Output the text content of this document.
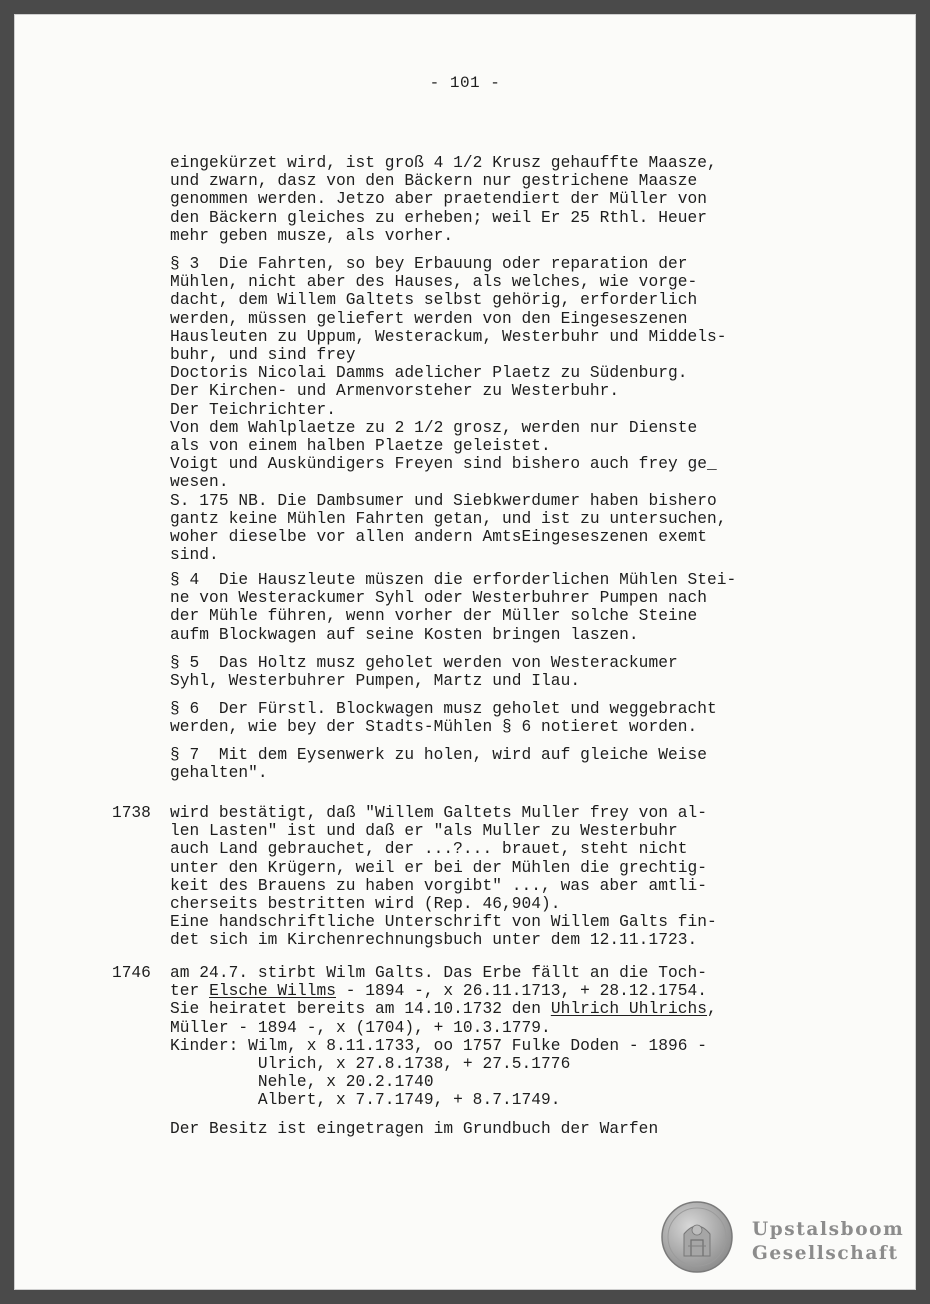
- 101 -
eingekürzet wird, ist groß 4 1/2 Krusz gehauffte Maasze,
und zwarn, dasz von den Bäckern nur gestrichene Maasze
genommen werden. Jetzo aber praetendiert der Müller von
den Bäckern gleiches zu erheben; weil Er 25 Rthl. Heuer
mehr geben musze, als vorher.
§ 3  Die Fahrten, so bey Erbauung oder reparation der
Mühlen, nicht aber des Hauses, als welches, wie vorge-
dacht, dem Willem Galtets selbst gehörig, erforderlich
werden, müssen geliefert werden von den Eingeseszenen
Hausleuten zu Uppum, Westerackum, Westerbuhr und Middels-
buhr, und sind frey
Doctoris Nicolai Damms adelicher Plaetz zu Südenburg.
Der Kirchen- und Armenvorsteher zu Westerbuhr.
Der Teichrichter.
Von dem Wahlplaetze zu 2 1/2 grosz, werden nur Dienste
als von einem halben Plaetze geleistet.
Voigt und Auskündigers Freyen sind bishero auch frey ge_
wesen.
S. 175 NB. Die Dambsumer und Siebkwerdumer haben bishero
gantz keine Mühlen Fahrten getan, und ist zu untersuchen,
woher dieselbe vor allen andern AmtsEingeseszenen exemt
sind.
§ 4  Die Hauszleute müszen die erforderlichen Mühlen Stei-
ne von Westerackumer Syhl oder Westerbuhrer Pumpen nach
der Mühle führen, wenn vorher der Müller solche Steine
aufm Blockwagen auf seine Kosten bringen laszen.
§ 5  Das Holtz musz geholet werden von Westerackumer
Syhl, Westerbuhrer Pumpen, Martz und Ilau.
§ 6  Der Fürstl. Blockwagen musz geholet und weggebracht
werden, wie bey der Stadts-Mühlen § 6 notieret worden.
§ 7  Mit dem Eysenwerk zu holen, wird auf gleiche Weise
gehalten".
1738 wird bestätigt, daß "Willem Galtets Muller frey von al-
len Lasten" ist und daß er "als Muller zu Westerbuhr
auch Land gebrauchet, der ...?... brauet, steht nicht
unter den Krügern, weil er bei der Mühlen die grechtig-
keit des Brauens zu haben vorgibt" ..., was aber amtli-
cherseits bestritten wird (Rep. 46,904).
Eine handschriftliche Unterschrift von Willem Galts fin-
det sich im Kirchenrechnungsbuch unter dem 12.11.1723.
1746 am 24.7. stirbt Wilm Galts. Das Erbe fällt an die Toch-
ter Elsche Willms - 1894 -, x 26.11.1713, + 28.12.1754.
Sie heiratet bereits am 14.10.1732 den Uhlrich Uhlrichs,
Müller - 1894 -, x (1704), + 10.3.1779.
Kinder: Wilm, x 8.11.1733, oo 1757 Fulke Doden - 1896 -
Ulrich, x 27.8.1738, + 27.5.1776
Nehle, x 20.2.1740
Albert, x 7.7.1749, + 8.7.1749.
Der Besitz ist eingetragen im Grundbuch der Warfen
Upstalsboom
Gesellschaft
